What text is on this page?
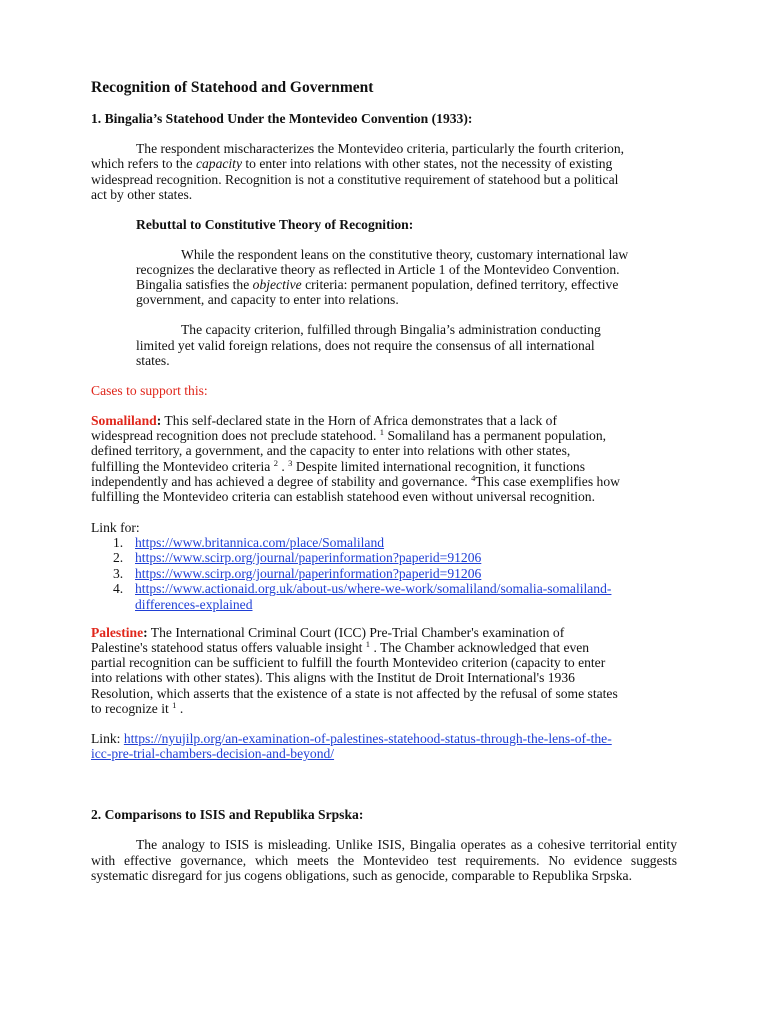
Recognition of Statehood and Government
1. Bingalia’s Statehood Under the Montevideo Convention (1933):
The respondent mischaracterizes the Montevideo criteria, particularly the fourth criterion,
which refers to the capacity to enter into relations with other states, not the necessity of existing
widespread recognition. Recognition is not a constitutive requirement of statehood but a political
act by other states.
Rebuttal to Constitutive Theory of Recognition:
While the respondent leans on the constitutive theory, customary international law
recognizes the declarative theory as reflected in Article 1 of the Montevideo Convention.
Bingalia satisfies the objective criteria: permanent population, defined territory, effective
government, and capacity to enter into relations.
The capacity criterion, fulfilled through Bingalia’s administration conducting
limited yet valid foreign relations, does not require the consensus of all international
states.
Cases to support this:
Somaliland: This self-declared state in the Horn of Africa demonstrates that a lack of
widespread recognition does not preclude statehood. $^1$ Somaliland has a permanent population,
defined territory, a government, and the capacity to enter into relations with other states,
fulfilling the Montevideo criteria $^2$ . $^3$ Despite limited international recognition, it functions
independently and has achieved a degree of stability and governance. $^4$This case exemplifies how
fulfilling the Montevideo criteria can establish statehood even without universal recognition.
Link for:
1. https://www.britannica.com/place/Somaliland
2. https://www.scirp.org/journal/paperinformation?paperid=91206
3. https://www.scirp.org/journal/paperinformation?paperid=91206
4. https://www.actionaid.org.uk/about-us/where-we-work/somaliland/somalia-somaliland-
differences-explained
Palestine: The International Criminal Court (ICC) Pre-Trial Chamber's examination of
Palestine's statehood status offers valuable insight $^1$ . The Chamber acknowledged that even
partial recognition can be sufficient to fulfill the fourth Montevideo criterion (capacity to enter
into relations with other states). This aligns with the Institut de Droit International's 1936
Resolution, which asserts that the existence of a state is not affected by the refusal of some states
to recognize it $^1$ .
Link: https://nyujilp.org/an-examination-of-palestines-statehood-status-through-the-lens-of-the-
icc-pre-trial-chambers-decision-and-beyond/
2. Comparisons to ISIS and Republika Srpska:
The analogy to ISIS is misleading. Unlike ISIS, Bingalia operates as a cohesive territorial entity with effective governance, which meets the Montevideo test requirements. No evidence suggests systematic disregard for jus cogens obligations, such as genocide, comparable to Republika Srpska.
